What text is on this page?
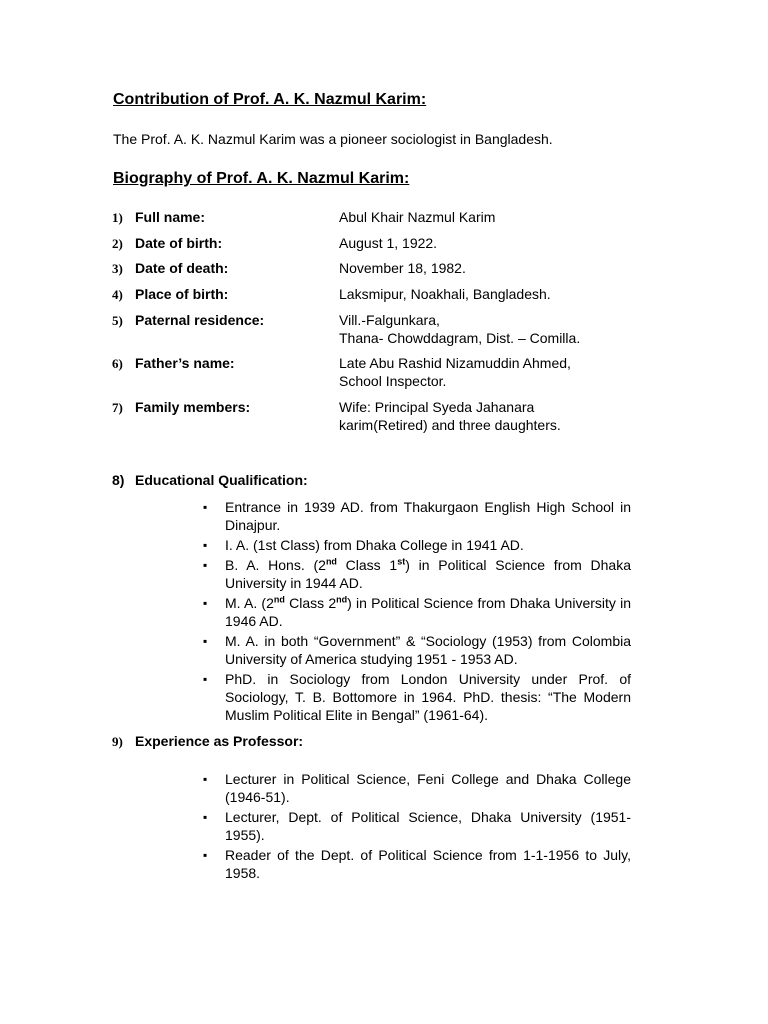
Contribution of Prof. A. K. Nazmul Karim:
The Prof. A. K. Nazmul Karim was a pioneer sociologist in Bangladesh.
Biography of Prof. A. K. Nazmul Karim:
1) Full name:	Abul Khair Nazmul Karim
2) Date of birth:	August 1, 1922.
3) Date of death:	November 18, 1982.
4) Place of birth:	Laksmipur, Noakhali, Bangladesh.
5) Paternal residence:	Vill.-Falgunkara,
Thana- Chowddagram, Dist. – Comilla.
6) Father’s name:	Late Abu Rashid Nizamuddin Ahmed,
School Inspector.
7) Family members:	Wife: Principal Syeda Jahanara
karim(Retired) and three daughters.
8) Educational Qualification:
▪ Entrance in 1939 AD. from Thakurgaon English High School in Dinajpur.
▪ I. A. (1st Class) from Dhaka College in 1941 AD.
▪ B. A. Hons. (2nd Class 1st) in Political Science from Dhaka University in 1944 AD.
▪ M. A. (2nd Class 2nd) in Political Science from Dhaka University in 1946 AD.
▪ M. A. in both “Government” & “Sociology (1953) from Colombia University of America studying 1951 - 1953 AD.
▪ PhD. in Sociology from London University under Prof. of Sociology, T. B. Bottomore in 1964. PhD. thesis: “The Modern Muslim Political Elite in Bengal” (1961-64).
9) Experience as Professor:
▪ Lecturer in Political Science, Feni College and Dhaka College (1946-51).
▪ Lecturer, Dept. of Political Science, Dhaka University (1951-1955).
▪ Reader of the Dept. of Political Science from 1-1-1956 to July, 1958.
